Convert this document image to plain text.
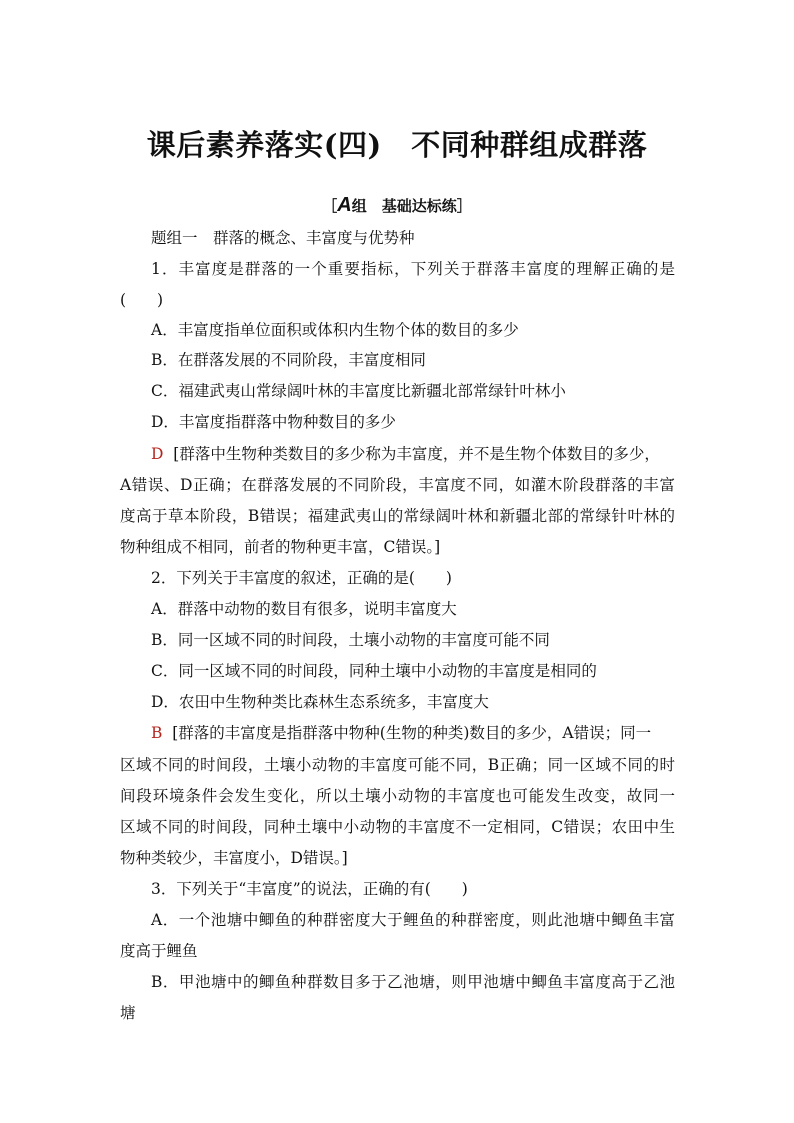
课后素养落实(四)　不同种群组成群落
［A组　基础达标练］
题组一　群落的概念、丰富度与优势种
1．丰富度是群落的一个重要指标，下列关于群落丰富度的理解正确的是
(　　)
A．丰富度指单位面积或体积内生物个体的数目的多少
B．在群落发展的不同阶段，丰富度相同
C．福建武夷山常绿阔叶林的丰富度比新疆北部常绿针叶林小
D．丰富度指群落中物种数目的多少
D [群落中生物种类数目的多少称为丰富度，并不是生物个体数目的多少，
A错误、D正确；在群落发展的不同阶段，丰富度不同，如灌木阶段群落的丰富
度高于草本阶段，B错误；福建武夷山的常绿阔叶林和新疆北部的常绿针叶林的
物种组成不相同，前者的物种更丰富，C错误。]
2．下列关于丰富度的叙述，正确的是(　　)
A．群落中动物的数目有很多，说明丰富度大
B．同一区域不同的时间段，土壤小动物的丰富度可能不同
C．同一区域不同的时间段，同种土壤中小动物的丰富度是相同的
D．农田中生物种类比森林生态系统多，丰富度大
B [群落的丰富度是指群落中物种(生物的种类)数目的多少，A错误；同一
区域不同的时间段，土壤小动物的丰富度可能不同，B正确；同一区域不同的时
间段环境条件会发生变化，所以土壤小动物的丰富度也可能发生改变，故同一
区域不同的时间段，同种土壤中小动物的丰富度不一定相同，C错误；农田中生
物种类较少，丰富度小，D错误。]
3．下列关于“丰富度”的说法，正确的有(　　)
A．一个池塘中鲫鱼的种群密度大于鲤鱼的种群密度，则此池塘中鲫鱼丰富
度高于鲤鱼
B．甲池塘中的鲫鱼种群数目多于乙池塘，则甲池塘中鲫鱼丰富度高于乙池
塘
